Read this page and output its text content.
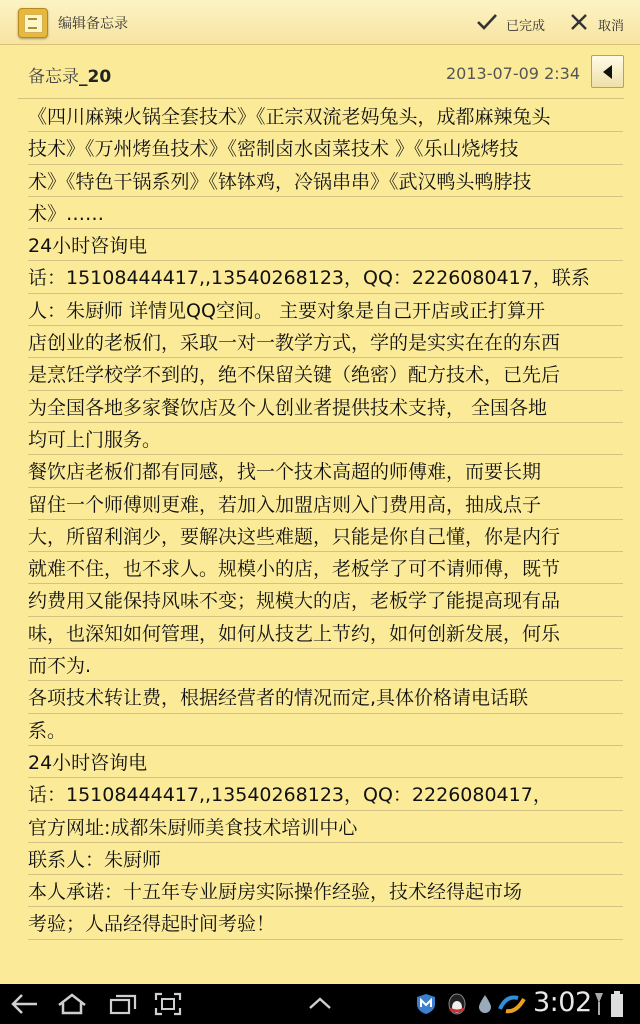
编辑备忘录	已完成	取消
备忘录_20	2013-07-09 2:34
《四川麻辣火锅全套技术》《正宗双流老妈兔头，成都麻辣兔头
技术》《万州烤鱼技术》《密制卤水卤菜技术 》《乐山烧烤技
术》《特色干锅系列》《钵钵鸡，冷锅串串》《武汉鸭头鸭脖技
术》……
24小时咨询电
话：15108444417,,13540268123，QQ：2226080417，联系
人：朱厨师 详情见QQ空间。 主要对象是自己开店或正打算开
店创业的老板们，采取一对一教学方式，学的是实实在在的东西
是烹饪学校学不到的，绝不保留关键（绝密）配方技术，已先后
为全国各地多家餐饮店及个人创业者提供技术支持， 全国各地
均可上门服务。
餐饮店老板们都有同感，找一个技术高超的师傅难，而要长期
留住一个师傅则更难，若加入加盟店则入门费用高，抽成点子
大，所留利润少，要解决这些难题，只能是你自己懂，你是内行
就难不住，也不求人。规模小的店，老板学了可不请师傅，既节
约费用又能保持风味不变；规模大的店，老板学了能提高现有品
味，也深知如何管理，如何从技艺上节约，如何创新发展，何乐
而不为.
各项技术转让费，根据经营者的情况而定,具体价格请电话联
系。
24小时咨询电
话：15108444417,,13540268123，QQ：2226080417，
官方网址:成都朱厨师美食技术培训中心
联系人：朱厨师
本人承诺：十五年专业厨房实际操作经验，技术经得起市场
考验；人品经得起时间考验！
3:02
